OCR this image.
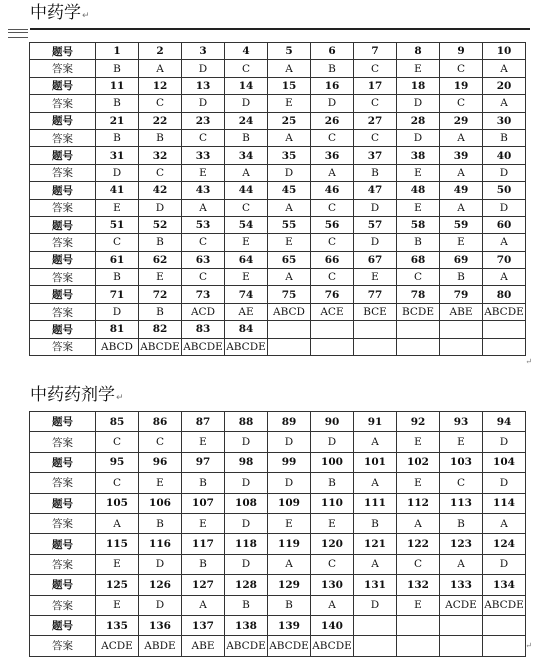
中药学↵
题号	1	2	3	4	5	6	7	8	9	10
答案	B	A	D	C	A	B	C	E	C	A
题号	11	12	13	14	15	16	17	18	19	20
答案	B	C	D	D	E	D	C	D	C	A
题号	21	22	23	24	25	26	27	28	29	30
答案	B	B	C	B	A	C	C	D	A	B
题号	31	32	33	34	35	36	37	38	39	40
答案	D	C	E	A	D	A	B	E	A	D
题号	41	42	43	44	45	46	47	48	49	50
答案	E	D	A	C	A	C	D	E	A	D
题号	51	52	53	54	55	56	57	58	59	60
答案	C	B	C	E	E	C	D	B	E	A
题号	61	62	63	64	65	66	67	68	69	70
答案	B	E	C	E	A	C	E	C	B	A
题号	71	72	73	74	75	76	77	78	79	80
答案	D	B	ACD	AE	ABCD	ACE	BCE	BCDE	ABE	ABCDE
题号	81	82	83	84						
答案	ABCD	ABCDE	ABCDE	ABCDE						
中药药剂学↵
题号	85	86	87	88	89	90	91	92	93	94
答案	C	C	E	D	D	D	A	E	E	D
题号	95	96	97	98	99	100	101	102	103	104
答案	C	E	B	D	D	B	A	E	C	D
题号	105	106	107	108	109	110	111	112	113	114
答案	A	B	E	D	E	E	B	A	B	A
题号	115	116	117	118	119	120	121	122	123	124
答案	E	D	B	D	A	C	A	C	A	D
题号	125	126	127	128	129	130	131	132	133	134
答案	E	D	A	B	B	A	D	E	ACDE	ABCDE
题号	135	136	137	138	139	140				
答案	ACDE	ABDE	ABE	ABCDE	ABCDE	ABCDE				
↵
↵
